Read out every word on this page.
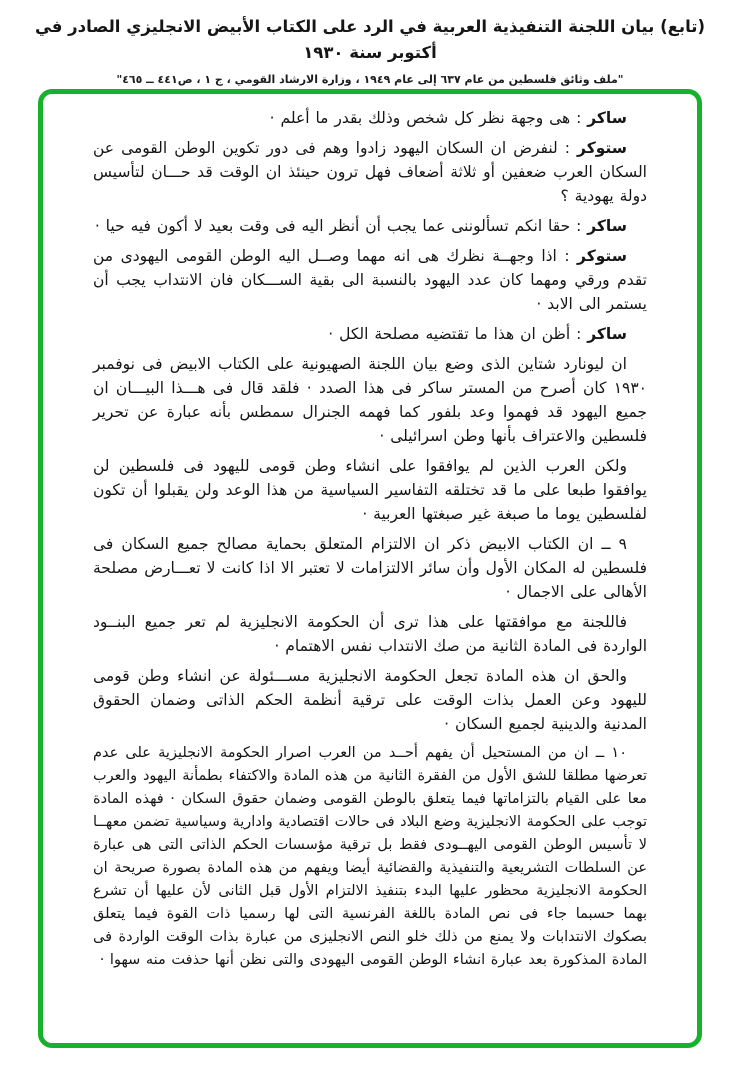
(تابع) بيان اللجنة التنفيذية العربية في الرد على الكتاب الأبيض الانجليزي الصادر في أكتوبر سنة ١٩٣٠
"ملف وثائق فلسطين من عام ٦٣٧ إلى عام ١٩٤٩ ، وزارة الارشاد القومي ، ج ١ ، ص٤٤١ ــ ٤٦٥"

ساكر : هى وجهة نظر كل شخص وذلك بقدر ما أعلم ·

ستوكر : لنفرض ان السكان اليهود زادوا وهم فى دور تكوين الوطن القومى عن السكان العرب ضعفين أو ثلاثة أضعاف فهل ترون حينئذ ان الوقت قد حـــان لتأسيس دولة يهودية ؟

ساكر : حقا انكم تسألوننى عما يجب أن أنظر اليه فى وقت بعيد لا أكون فيه حيا ·

ستوكر : اذا وجهــة نظرك هى انه مهما وصــل اليه الوطن القومى اليهودى من تقدم ورقي ومهما كان عدد اليهود بالنسبة الى بقية الســـكان فان الانتداب يجب أن يستمر الى الابد ·

ساكر : أظن ان هذا ما تقتضيه مصلحة الكل ·

ان ليونارد شتاين الذى وضع بيان اللجنة الصهيونية على الكتاب الابيض فى نوفمبر ١٩٣٠ كان أصرح من المستر ساكر فى هذا الصدد · فلقد قال فى هـــذا البيـــان ان جميع اليهود قد فهموا وعد بلفور كما فهمه الجنرال سمطس بأنه عبارة عن تحرير فلسطين والاعتراف بأنها وطن اسرائيلى ·

ولكن العرب الذين لم يوافقوا على انشاء وطن قومى لليهود فى فلسطين لن يوافقوا طبعا على ما قد تختلقه التفاسير السياسية من هذا الوعد ولن يقبلوا أن تكون لفلسطين يوما ما صبغة غير صبغتها العربية ·

٩ ــ ان الكتاب الابيض ذكر ان الالتزام المتعلق بحماية مصالح جميع السكان فى فلسطين له المكان الأول وأن سائر الالتزامات لا تعتبر الا اذا كانت لا تعـــارض مصلحة الأهالى على الاجمال ·

فاللجنة مع موافقتها على هذا ترى أن الحكومة الانجليزية لم تعر جميع البنــود الواردة فى المادة الثانية من صك الانتداب نفس الاهتمام ·

والحق ان هذه المادة تجعل الحكومة الانجليزية مســـئولة عن انشاء وطن قومى لليهود وعن العمل بذات الوقت على ترقية أنظمة الحكم الذاتى وضمان الحقوق المدنية والدينية لجميع السكان ·

١٠ ــ ان من المستحيل أن يفهم أحــد من العرب اصرار الحكومة الانجليزية على عدم تعرضها مطلقا للشق الأول من الفقرة الثانية من هذه المادة والاكتفاء بطمأنة اليهود والعرب معا على القيام بالتزاماتها فيما يتعلق بالوطن القومى وضمان حقوق السكان · فهذه المادة توجب على الحكومة الانجليزية وضع البلاد فى حالات اقتصادية وادارية وسياسية تضمن معهــا لا تأسيس الوطن القومى اليهــودى فقط بل ترقية مؤسسات الحكم الذاتى التى هى عبارة عن السلطات التشريعية والتنفيذية والقضائية أيضا ويفهم من هذه المادة بصورة صريحة ان الحكومة الانجليزية محظور عليها البدء بتنفيذ الالتزام الأول قبل الثانى لأن عليها أن تشرع بهما حسبما جاء فى نص المادة باللغة الفرنسية التى لها رسميا ذات القوة فيما يتعلق بصكوك الانتدابات ولا يمنع من ذلك خلو النص الانجليزى من عبارة بذات الوقت الواردة فى المادة المذكورة بعد عبارة انشاء الوطن القومى اليهودى والتى نظن أنها حذفت منه سهوا ·
